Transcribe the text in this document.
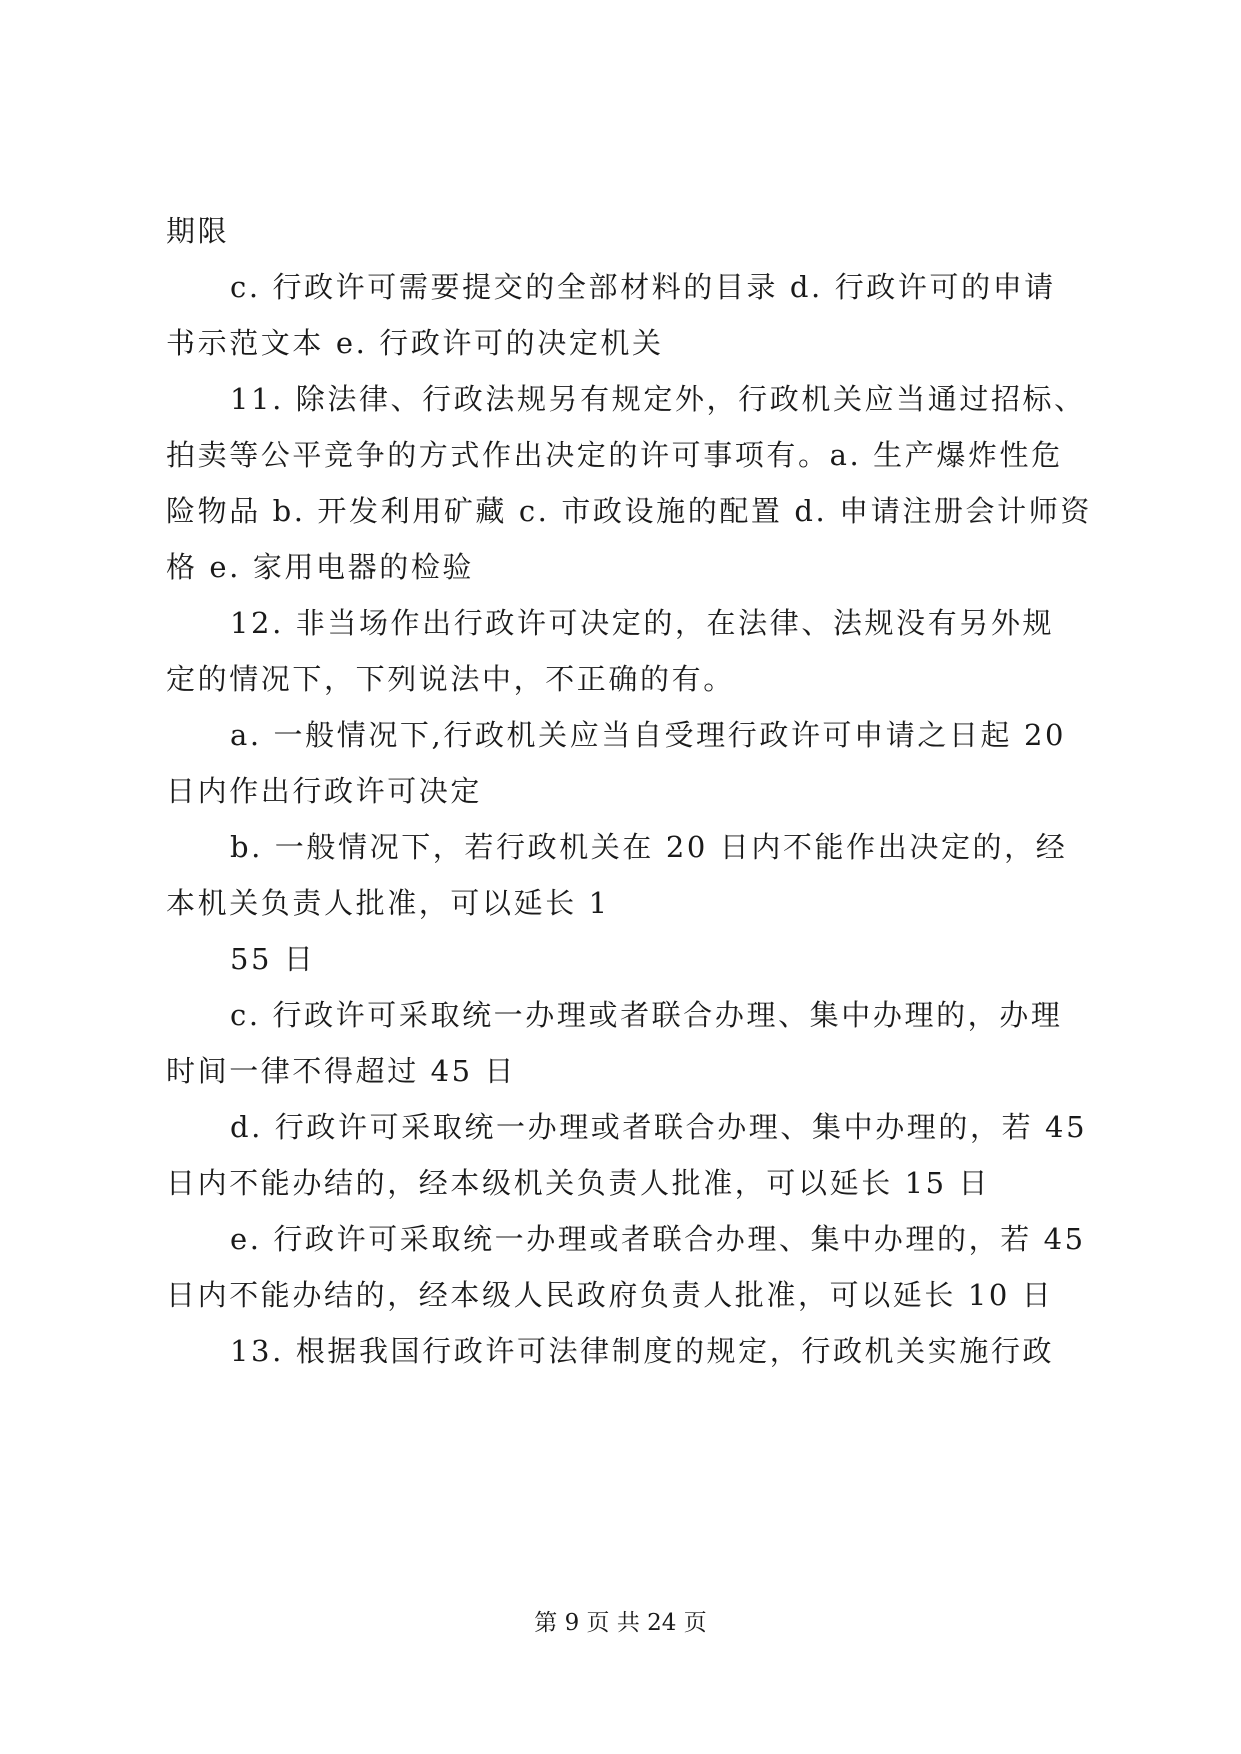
期限
c. 行政许可需要提交的全部材料的目录 d. 行政许可的申请
书示范文本 e. 行政许可的决定机关
11. 除法律、行政法规另有规定外，行政机关应当通过招标、
拍卖等公平竞争的方式作出决定的许可事项有。a. 生产爆炸性危
险物品 b. 开发利用矿藏 c. 市政设施的配置 d. 申请注册会计师资
格 e. 家用电器的检验
12. 非当场作出行政许可决定的，在法律、法规没有另外规
定的情况下，下列说法中，不正确的有。
a. 一般情况下,行政机关应当自受理行政许可申请之日起 20
日内作出行政许可决定
b. 一般情况下，若行政机关在 20 日内不能作出决定的，经
本机关负责人批准，可以延长 1
55 日
c. 行政许可采取统一办理或者联合办理、集中办理的，办理
时间一律不得超过 45 日
d. 行政许可采取统一办理或者联合办理、集中办理的，若 45
日内不能办结的，经本级机关负责人批准，可以延长 15 日
e. 行政许可采取统一办理或者联合办理、集中办理的，若 45
日内不能办结的，经本级人民政府负责人批准，可以延长 10 日
13. 根据我国行政许可法律制度的规定，行政机关实施行政
第 9 页 共 24 页
